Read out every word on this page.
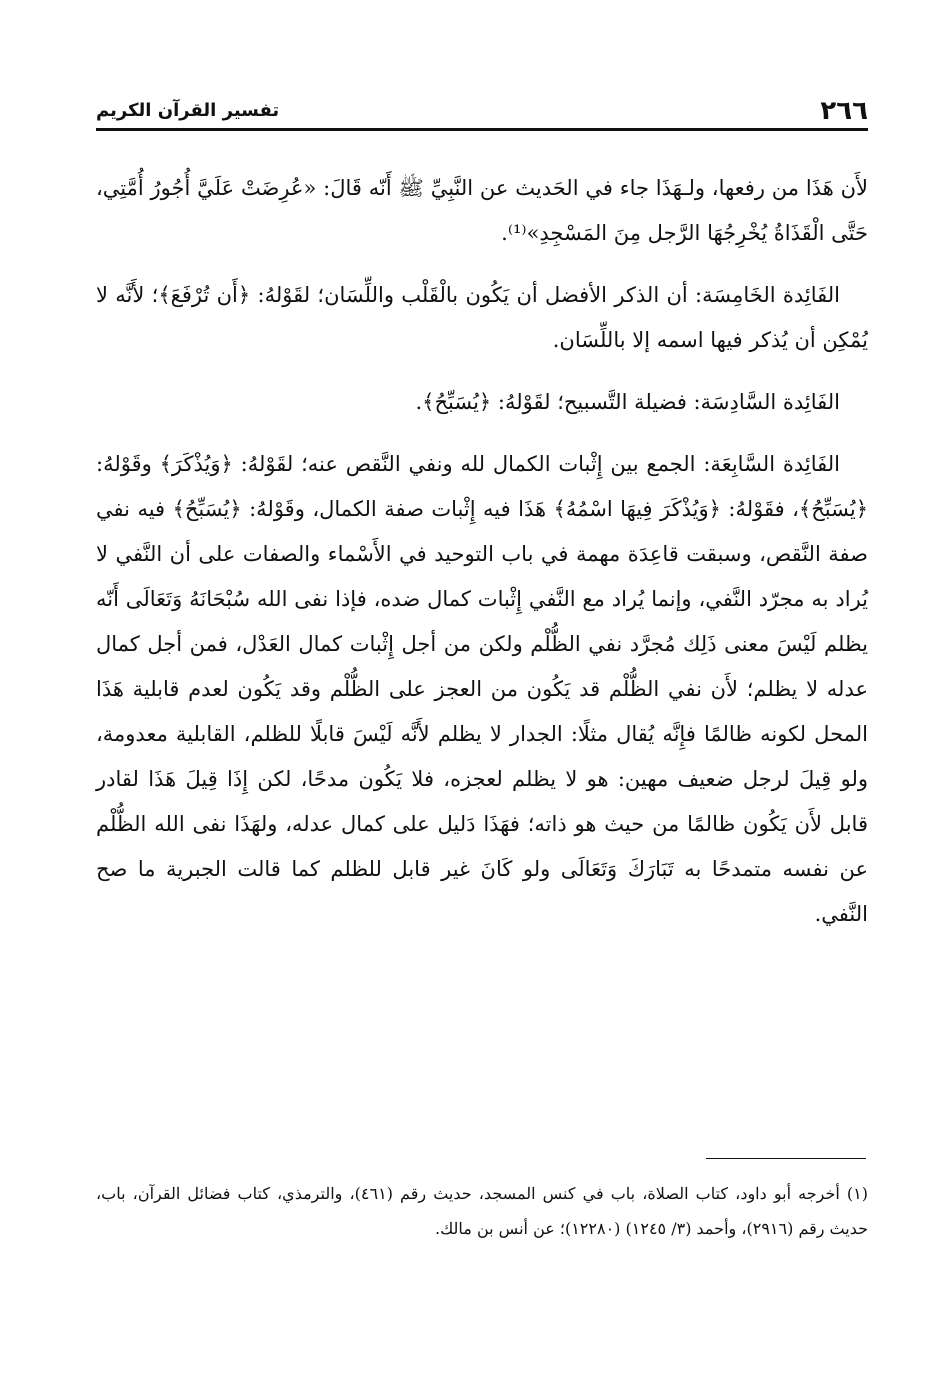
٢٦٦
تفسير القرآن الكريم

لأَن هَذَا من رفعها، ولـهَذَا جاء في الحَديث عن النَّبِيِّ ﷺ أَنّه قَالَ: «عُرِضَتْ عَلَيَّ أُجُورُ أُمَّتِي، حَتَّى الْقَذَاةُ يُخْرِجُهَا الرَّجل مِنَ المَسْجِدِ»⁽¹⁾.

الفَائِدة الخَامِسَة: أن الذكر الأفضل أن يَكُون بالْقَلْب واللِّسَان؛ لقَوْلهُ: ﴿أَن تُرْفَعَ﴾؛ لأَنَّه لا يُمْكِن أن يُذكر فيها اسمه إلا باللِّسَان.

الفَائِدة السَّادِسَة: فضيلة التَّسبيح؛ لقَوْلهُ: ﴿يُسَبِّحُ﴾.

الفَائِدة السَّابِعَة: الجمع بين إِثْبات الكمال لله ونفي النَّقص عنه؛ لقَوْلهُ: ﴿وَيُذْكَرَ﴾ وقَوْلهُ: ﴿يُسَبِّحُ﴾، فقَوْلهُ: ﴿وَيُذْكَرَ فِيهَا اسْمُهُ﴾ هَذَا فيه إِثْبات صفة الكمال، وقَوْلهُ: ﴿يُسَبِّحُ﴾ فيه نفي صفة النَّقص، وسبقت قاعِدَة مهمة في باب التوحيد في الأَسْماء والصفات على أن النَّفي لا يُراد به مجرّد النَّفي، وإنما يُراد مع النَّفي إِثْبات كمال ضده، فإذا نفى الله سُبْحَانَهُ وَتَعَالَى أَنّه يظلم لَيْسَ معنى ذَلِك مُجرَّد نفي الظُّلْم ولكن من أجل إِثْبات كمال العَدْل، فمن أجل كمال عدله لا يظلم؛ لأَن نفي الظُّلْم قد يَكُون من العجز على الظُّلْم وقد يَكُون لعدم قابلية هَذَا المحل لكونه ظالمًا فإِنَّه يُقال مثلًا: الجدار لا يظلم لأَنَّه لَيْسَ قابلًا للظلم، القابلية معدومة، ولو قِيلَ لرجل ضعيف مهين: هو لا يظلم لعجزه، فلا يَكُون مدحًا، لكن إِذَا قِيلَ هَذَا لقادر قابل لأَن يَكُون ظالمًا من حيث هو ذاته؛ فهَذَا دَليل على كمال عدله، ولهَذَا نفى الله الظُّلْم عن نفسه متمدحًا به تَبَارَكَ وَتَعَالَى ولو كَانَ غير قابل للظلم كما قالت الجبرية ما صح النَّفي.

(١) أخرجه أبو داود، كتاب الصلاة، باب في كنس المسجد، حديث رقم (٤٦١)، والترمذي، كتاب فضائل القرآن، باب، حديث رقم (٢٩١٦)، وأحمد (٣/ ١٢٤٥) (١٢٢٨٠)؛ عن أنس بن مالك.
